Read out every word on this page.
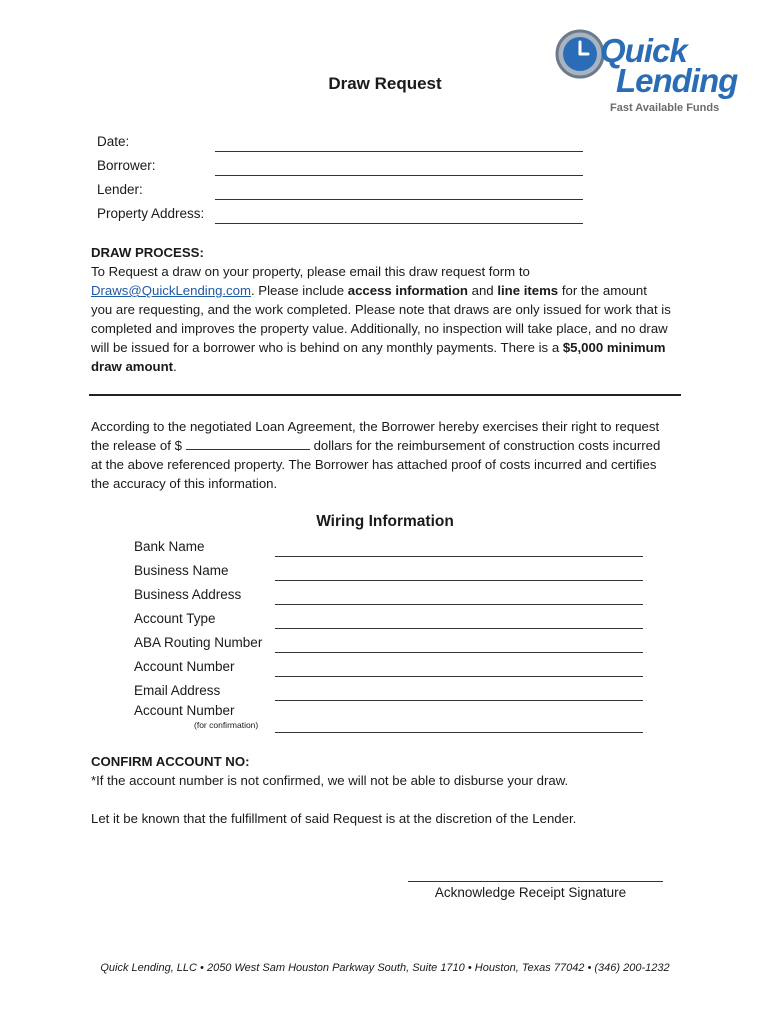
Quick
Lending
Fast Available Funds
Draw Request
Date:
Borrower:
Lender:
Property Address:
DRAW PROCESS:
To Request a draw on your property, please email this draw request form to Draws@QuickLending.com. Please include access information and line items for the amount you are requesting, and the work completed. Please note that draws are only issued for work that is completed and improves the property value. Additionally, no inspection will take place, and no draw will be issued for a borrower who is behind on any monthly payments. There is a $5,000 minimum draw amount.
According to the negotiated Loan Agreement, the Borrower hereby exercises their right to request the release of $	dollars for the reimbursement of construction costs incurred at the above referenced property. The Borrower has attached proof of costs incurred and certifies the accuracy of this information.
Wiring Information
Bank Name
Business Name
Business Address
Account Type
ABA Routing Number
Account Number
Email Address
Account Number
(for confirmation)
CONFIRM ACCOUNT NO:
*If the account number is not confirmed, we will not be able to disburse your draw.
Let it be known that the fulfillment of said Request is at the discretion of the Lender.
Acknowledge Receipt Signature
Quick Lending, LLC • 2050 West Sam Houston Parkway South, Suite 1710 • Houston, Texas 77042 • (346) 200-1232
